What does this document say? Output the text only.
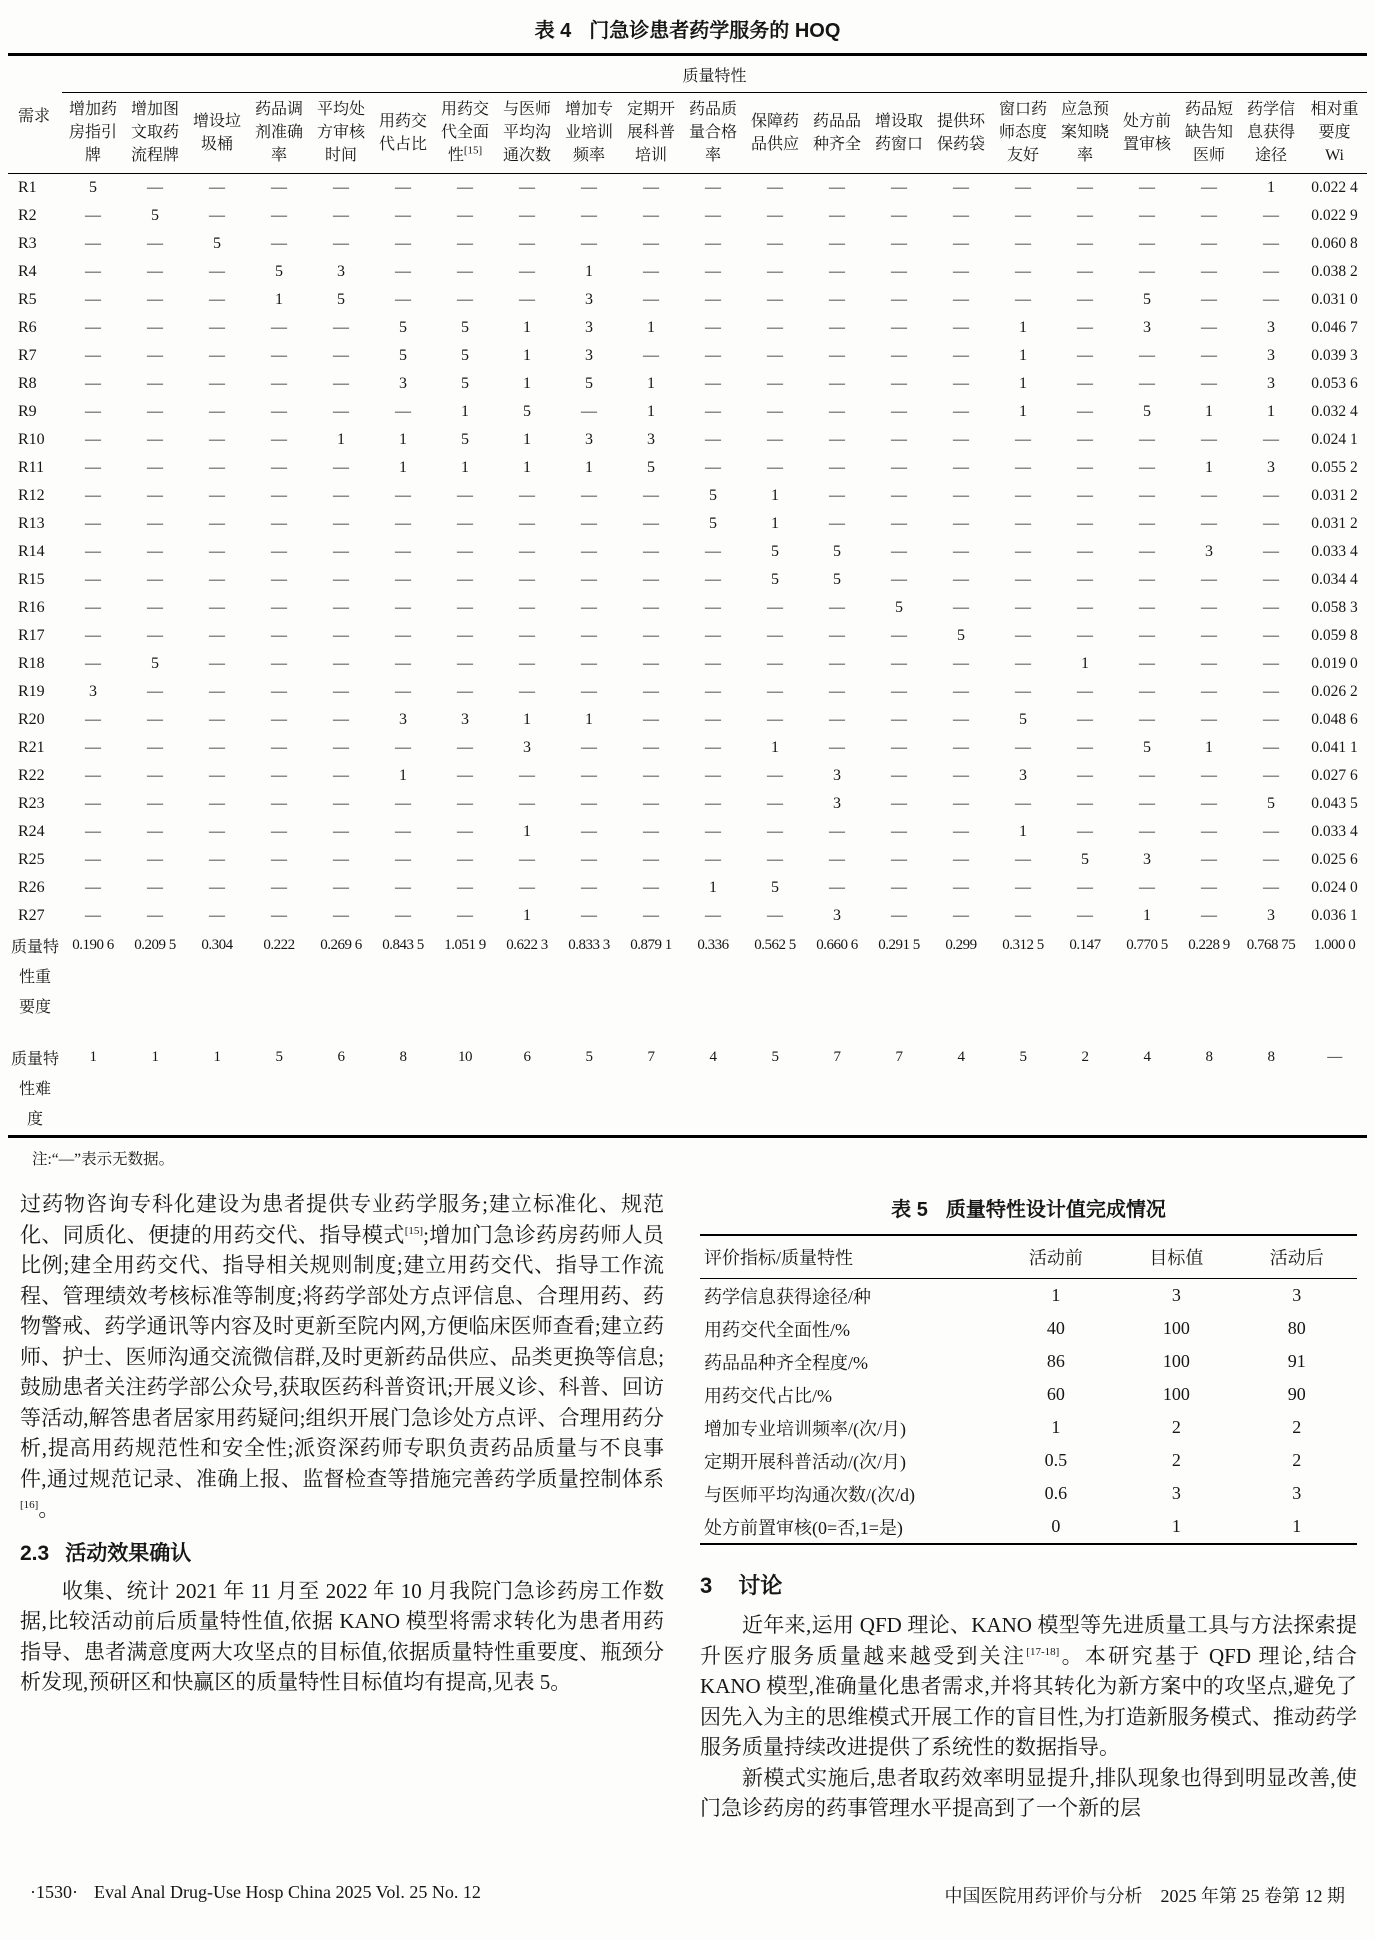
表 4 门急诊患者药学服务的 HOQ
需求	质量特性																				
	增加药房指引牌	增加图文取药流程牌	增设垃圾桶	药品调剂准确率	平均处方审核时间	用药交代占比	用药交代全面性[15]	与医师平均沟通次数	增加专业培训频率	定期开展科普培训	药品质量合格率	保障药品供应	药品品种齐全	增设取药窗口	提供环保药袋	窗口药师态度友好	应急预案知晓率	处方前置审核	药品短缺告知医师	药学信息获得途径	相对重
要度
Wi

R1	5	—	—	—	—	—	—	—	—	—	—	—	—	—	—	—	—	—	—	1	0.022 4
R2	—	5	—	—	—	—	—	—	—	—	—	—	—	—	—	—	—	—	—	—	0.022 9
R3	—	—	5	—	—	—	—	—	—	—	—	—	—	—	—	—	—	—	—	—	0.060 8
R4	—	—	—	5	3	—	—	—	1	—	—	—	—	—	—	—	—	—	—	—	0.038 2
R5	—	—	—	1	5	—	—	—	3	—	—	—	—	—	—	—	—	5	—	—	0.031 0
R6	—	—	—	—	—	5	5	1	3	1	—	—	—	—	—	1	—	3	—	3	0.046 7
R7	—	—	—	—	—	5	5	1	3	—	—	—	—	—	—	1	—	—	—	3	0.039 3
R8	—	—	—	—	—	3	5	1	5	1	—	—	—	—	—	1	—	—	—	3	0.053 6
R9	—	—	—	—	—	—	1	5	—	1	—	—	—	—	—	1	—	5	1	1	0.032 4
R10	—	—	—	—	1	1	5	1	3	3	—	—	—	—	—	—	—	—	—	—	0.024 1
R11	—	—	—	—	—	1	1	1	1	5	—	—	—	—	—	—	—	—	1	3	0.055 2
R12	—	—	—	—	—	—	—	—	—	—	5	1	—	—	—	—	—	—	—	—	0.031 2
R13	—	—	—	—	—	—	—	—	—	—	5	1	—	—	—	—	—	—	—	—	0.031 2
R14	—	—	—	—	—	—	—	—	—	—	—	5	5	—	—	—	—	—	3	—	0.033 4
R15	—	—	—	—	—	—	—	—	—	—	—	5	5	—	—	—	—	—	—	—	0.034 4
R16	—	—	—	—	—	—	—	—	—	—	—	—	—	5	—	—	—	—	—	—	0.058 3
R17	—	—	—	—	—	—	—	—	—	—	—	—	—	—	5	—	—	—	—	—	0.059 8
R18	—	5	—	—	—	—	—	—	—	—	—	—	—	—	—	—	1	—	—	—	0.019 0
R19	3	—	—	—	—	—	—	—	—	—	—	—	—	—	—	—	—	—	—	—	0.026 2
R20	—	—	—	—	—	3	3	1	1	—	—	—	—	—	—	5	—	—	—	—	0.048 6
R21	—	—	—	—	—	—	—	3	—	—	—	1	—	—	—	—	—	5	1	—	0.041 1
R22	—	—	—	—	—	1	—	—	—	—	—	—	3	—	—	3	—	—	—	—	0.027 6
R23	—	—	—	—	—	—	—	—	—	—	—	—	3	—	—	—	—	—	—	5	0.043 5
R24	—	—	—	—	—	—	—	1	—	—	—	—	—	—	—	1	—	—	—	—	0.033 4
R25	—	—	—	—	—	—	—	—	—	—	—	—	—	—	—	—	5	3	—	—	0.025 6
R26	—	—	—	—	—	—	—	—	—	—	1	5	—	—	—	—	—	—	—	—	0.024 0
R27	—	—	—	—	—	—	—	1	—	—	—	—	3	—	—	—	—	1	—	3	0.036 1
质量特
性重
要度	0.190 6	0.209 5	0.304	0.222	0.269 6	0.843 5	1.051 9	0.622 3	0.833 3	0.879 1	0.336	0.562 5	0.660 6	0.291 5	0.299	0.312 5	0.147	0.770 5	0.228 9	0.768 75	1.000 0
质量特
性难
度	1	1	1	5	6	8	10	6	5	7	4	5	7	7	4	5	2	4	8	8	—
注:“—”表示无数据。

过药物咨询专科化建设为患者提供专业药学服务;建立标准化、规范化、同质化、便捷的用药交代、指导模式[15];增加门急诊药房药师人员比例;建全用药交代、指导相关规则制度;建立用药交代、指导工作流程、管理绩效考核标准等制度;将药学部处方点评信息、合理用药、药物警戒、药学通讯等内容及时更新至院内网,方便临床医师查看;建立药师、护士、医师沟通交流微信群,及时更新药品供应、品类更换等信息;鼓励患者关注药学部公众号,获取医药科普资讯;开展义诊、科普、回访等活动,解答患者居家用药疑问;组织开展门急诊处方点评、合理用药分析,提高用药规范性和安全性;派资深药师专职负责药品质量与不良事件,通过规范记录、准确上报、监督检查等措施完善药学质量控制体系[16]。

2.3 活动效果确认

收集、统计 2021 年 11 月至 2022 年 10 月我院门急诊药房工作数据,比较活动前后质量特性值,依据 KANO 模型将需求转化为患者用药指导、患者满意度两大攻坚点的目标值,依据质量特性重要度、瓶颈分析发现,预研区和快赢区的质量特性目标值均有提高,见表 5。

表 5 质量特性设计值完成情况
评价指标/质量特性	活动前	目标值	活动后
药学信息获得途径/种	1	3	3
用药交代全面性/%	40	100	80
药品品种齐全程度/%	86	100	91
用药交代占比/%	60	100	90
增加专业培训频率/(次/月)	1	2	2
定期开展科普活动/(次/月)	0.5	2	2
与医师平均沟通次数/(次/d)	0.6	3	3
处方前置审核(0=否,1=是)	0	1	1
3 讨论

近年来,运用 QFD 理论、KANO 模型等先进质量工具与方法探索提升医疗服务质量越来越受到关注[17-18]。本研究基于 QFD 理论,结合 KANO 模型,准确量化患者需求,并将其转化为新方案中的攻坚点,避免了因先入为主的思维模式开展工作的盲目性,为打造新服务模式、推动药学服务质量持续改进提供了系统性的数据指导。

新模式实施后,患者取药效率明显提升,排队现象也得到明显改善,使门急诊药房的药事管理水平提高到了一个新的层

·1530· Eval Anal Drug-Use Hosp China 2025 Vol. 25 No. 12	中国医院用药评价与分析　2025 年第 25 卷第 12 期
